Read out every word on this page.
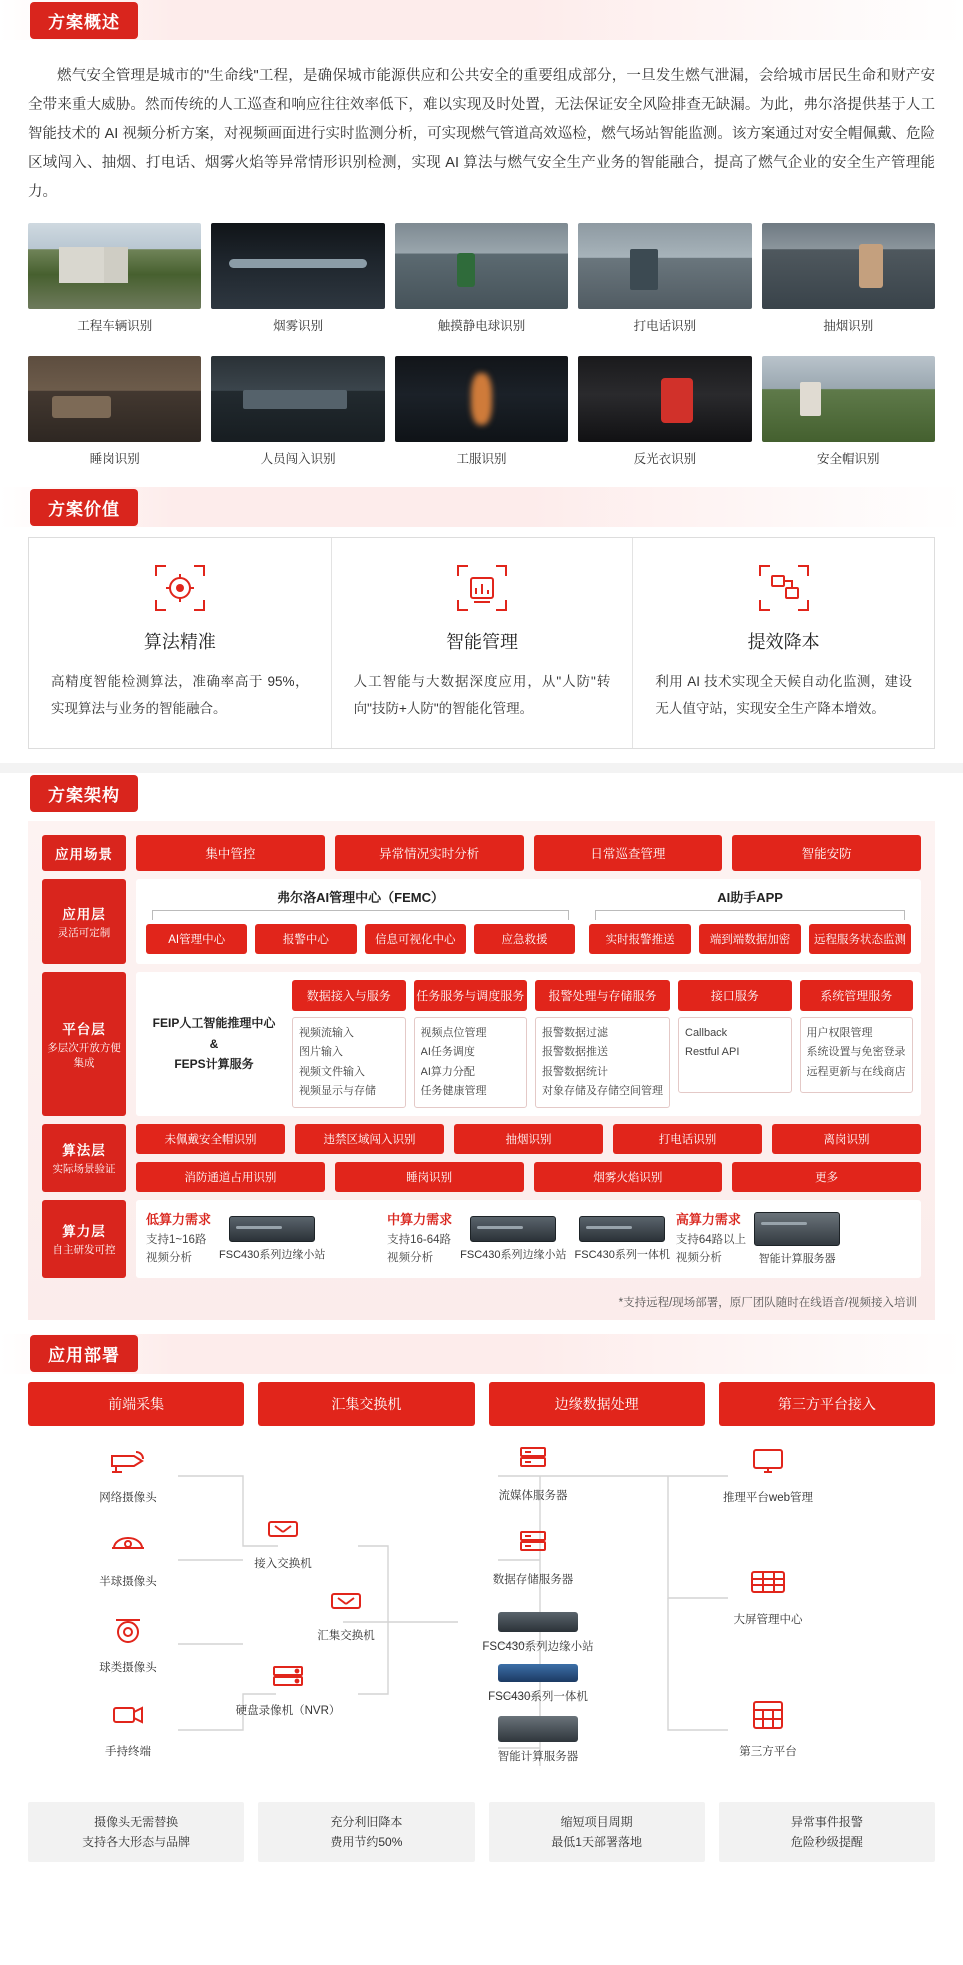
方案概述

燃气安全管理是城市的"生命线"工程，是确保城市能源供应和公共安全的重要组成部分，一旦发生燃气泄漏，会给城市居民生命和财产安全带来重大威胁。然而传统的人工巡查和响应往往效率低下，难以实现及时处置，无法保证安全风险排查无缺漏。为此，弗尔洛提供基于人工智能技术的 AI 视频分析方案，对视频画面进行实时监测分析，可实现燃气管道高效巡检，燃气场站智能监测。该方案通过对安全帽佩戴、危险区域闯入、抽烟、打电话、烟雾火焰等异常情形识别检测，实现 AI 算法与燃气安全生产业务的智能融合，提高了燃气企业的安全生产管理能力。

工程车辆识别	烟雾识别	触摸静电球识别	打电话识别	抽烟识别
睡岗识别	人员闯入识别	工服识别	反光衣识别	安全帽识别
方案价值
算法精准
高精度智能检测算法，准确率高于 95%，实现算法与业务的智能融合。
智能管理
人工智能与大数据深度应用，从"人防"转向"技防+人防"的智能化管理。
提效降本
利用 AI 技术实现全天候自动化监测，建设无人值守站，实现安全生产降本增效。
方案架构
应用场景	集中管控	异常情况实时分析	日常巡查管理	智能安防
应用层
灵活可定制
弗尔洛AI管理中心（FEMC）
AI管理中心	报警中心	信息可视化中心	应急救援
AI助手APP
实时报警推送	端到端数据加密	远程服务状态监测
平台层
多层次开放方便集成
FEIP人工智能推理中心
&
FEPS计算服务
数据接入与服务
视频流输入
图片输入
视频文件输入
视频显示与存储
任务服务与调度服务
视频点位管理
AI任务调度
AI算力分配
任务健康管理
报警处理与存储服务
报警数据过滤
报警数据推送
报警数据统计
对象存储及存储空间管理
接口服务
Callback
Restful API
系统管理服务
用户权限管理
系统设置与免密登录
远程更新与在线商店
算法层
实际场景验证
未佩戴安全帽识别	违禁区域闯入识别	抽烟识别	打电话识别	离岗识别
消防通道占用识别	睡岗识别	烟雾火焰识别	更多
算力层
自主研发可控
低算力需求
支持1~16路
视频分析	FSC430系列边缘小站
中算力需求
支持16-64路
视频分析	FSC430系列边缘小站 FSC430系列一体机
高算力需求
支持64路以上
视频分析	智能计算服务器
*支持远程/现场部署，原厂团队随时在线语音/视频接入培训
应用部署
前端采集	汇集交换机	边缘数据处理	第三方平台接入
网络摄像头
半球摄像头
球类摄像头
手持终端
接入交换机
汇集交换机
硬盘录像机（NVR）
流媒体服务器
数据存储服务器
FSC430系列边缘小站
FSC430系列一体机
智能计算服务器
推理平台web管理
大屏管理中心
第三方平台
摄像头无需替换
支持各大形态与品牌
充分利旧降本
费用节约50%
缩短项目周期
最低1天部署落地
异常事件报警
危险秒级提醒
